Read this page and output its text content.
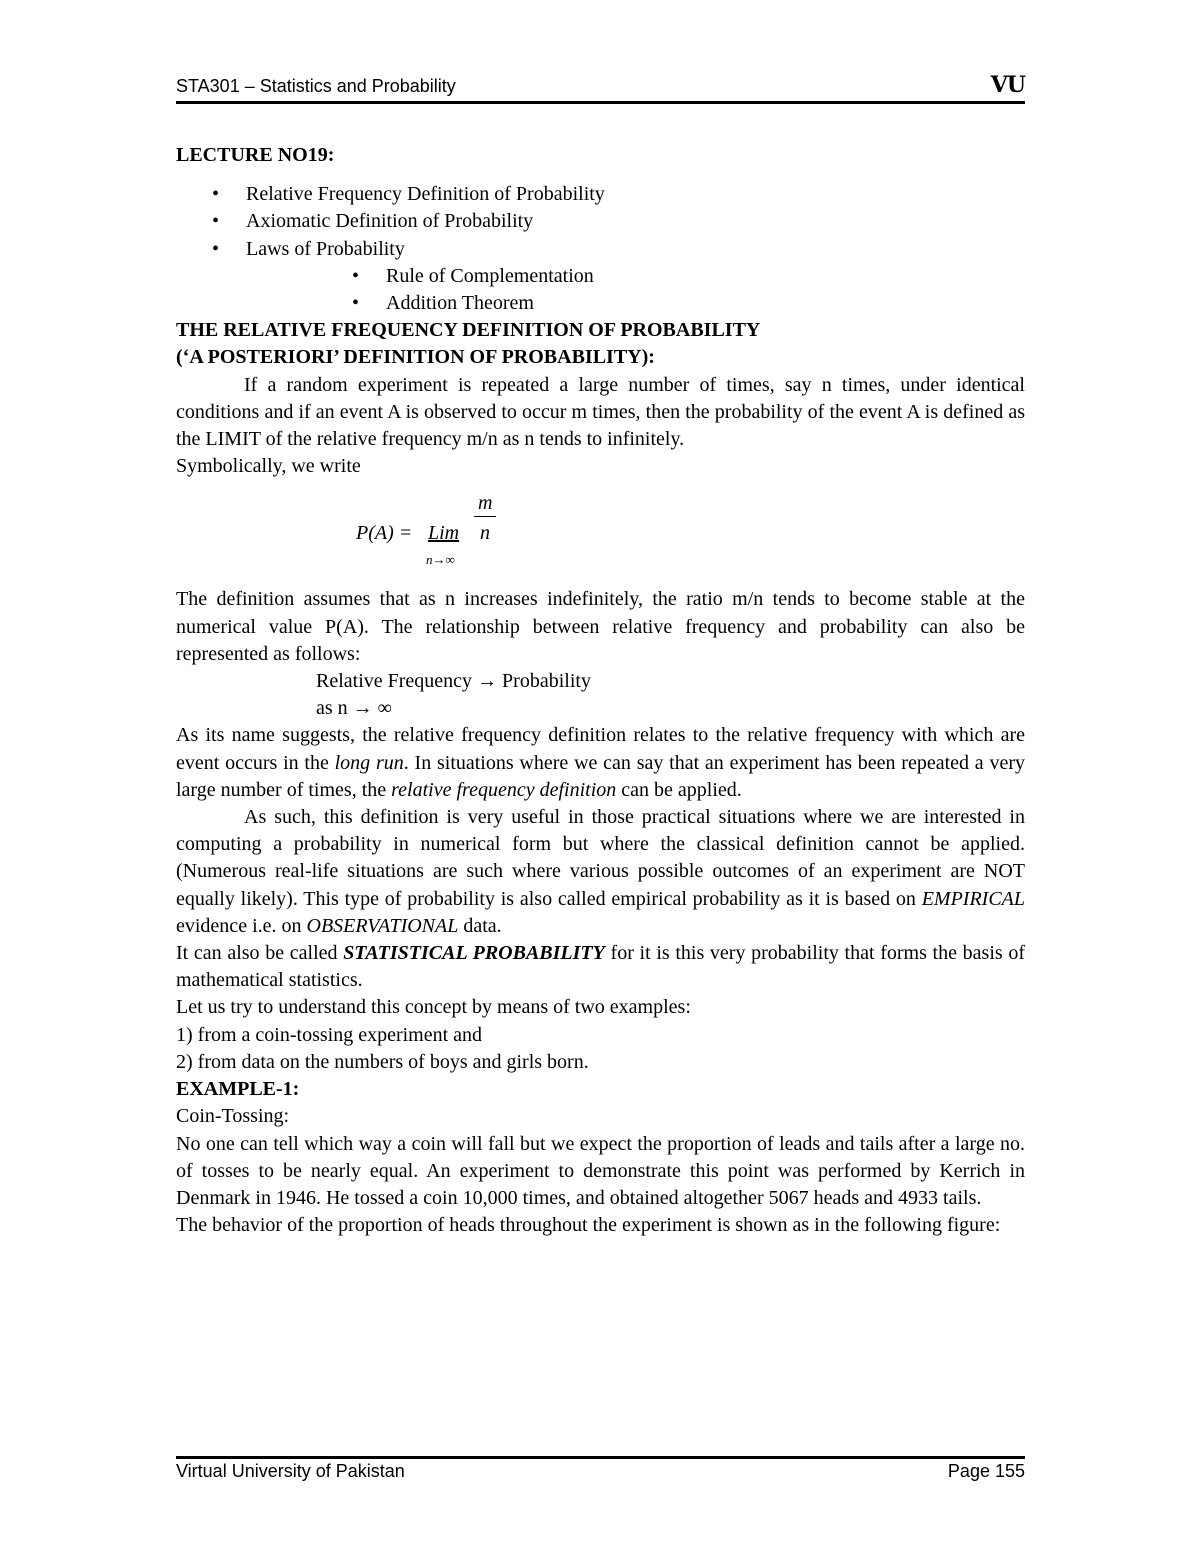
STA301 – Statistics and Probability	VU

LECTURE NO19:

• Relative Frequency Definition of Probability
• Axiomatic Definition of Probability
• Laws of Probability
• Rule of Complementation
• Addition Theorem

THE RELATIVE FREQUENCY DEFINITION OF PROBABILITY

(‘A POSTERIORI’ DEFINITION OF PROBABILITY):

If a random experiment is repeated a large number of times, say n times, under identical conditions and if an event A is observed to occur m times, then the probability of the event A is defined as the LIMIT of the relative frequency m/n as n tends to infinitely.

Symbolically, we write

P(A) = Lim
n→∞
m
n

The definition assumes that as n increases indefinitely, the ratio m/n tends to become stable at the numerical value P(A). The relationship between relative frequency and probability can also be represented as follows:

Relative Frequency → Probability

as n → ∞

As its name suggests, the relative frequency definition relates to the relative frequency with which are event occurs in the long run. In situations where we can say that an experiment has been repeated a very large number of times, the relative frequency definition can be applied.

As such, this definition is very useful in those practical situations where we are interested in computing a probability in numerical form but where the classical definition cannot be applied.(Numerous real-life situations are such where various possible outcomes of an experiment are NOT equally likely). This type of probability is also called empirical probability as it is based on EMPIRICAL evidence i.e. on OBSERVATIONAL data.

It can also be called STATISTICAL PROBABILITY for it is this very probability that forms the basis of mathematical statistics.

Let us try to understand this concept by means of two examples:

1) from a coin-tossing experiment and

2) from data on the numbers of boys and girls born.

EXAMPLE-1:

Coin-Tossing:

No one can tell which way a coin will fall but we expect the proportion of leads and tails after a large no. of tosses to be nearly equal. An experiment to demonstrate this point was performed by Kerrich in Denmark in 1946. He tossed a coin 10,000 times, and obtained altogether 5067 heads and 4933 tails.

The behavior of the proportion of heads throughout the experiment is shown as in the following figure:

Virtual University of Pakistan	Page 155
